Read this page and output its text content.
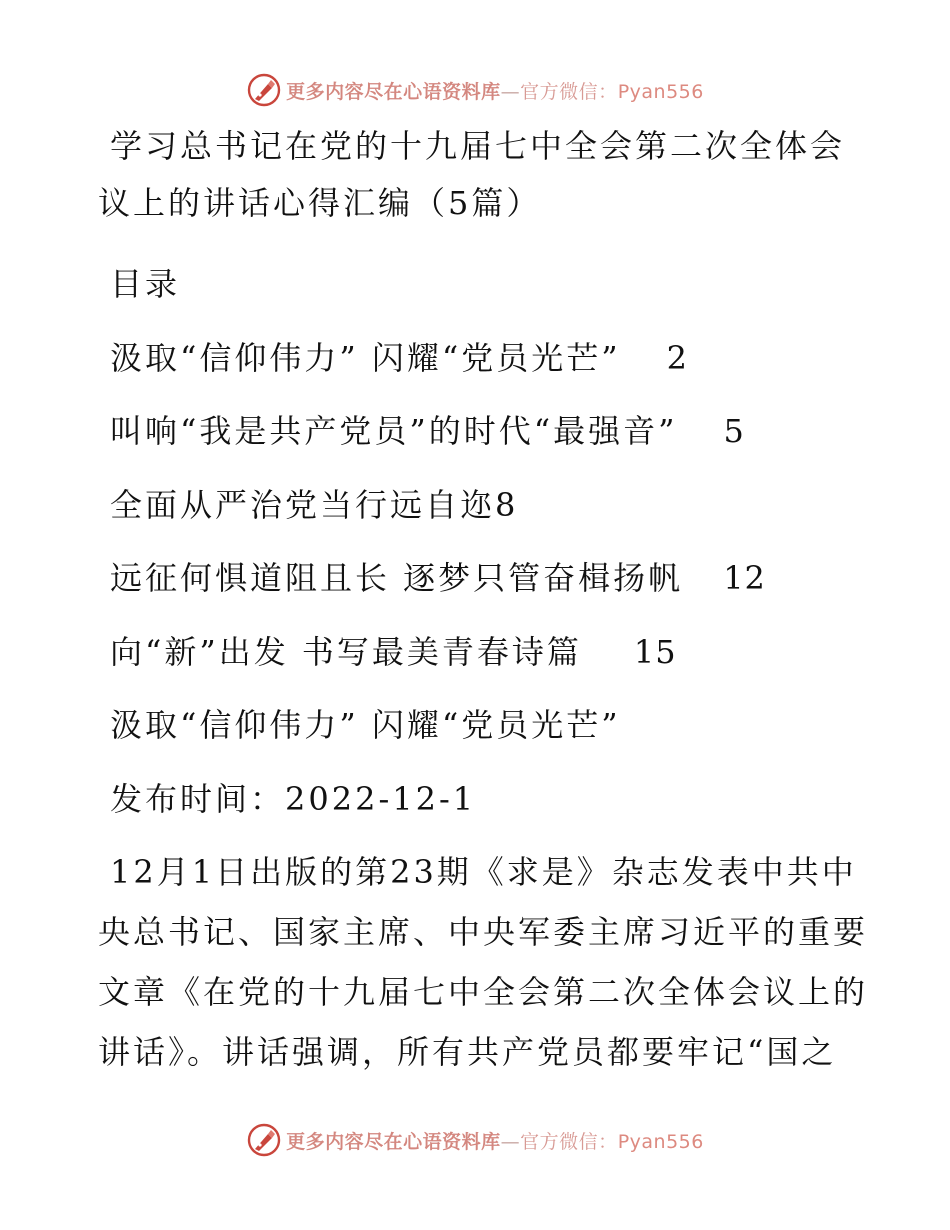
更多内容尽在心语资料库—官方微信：Pyan556
学习总书记在党的十九届七中全会第二次全体会
议上的讲话心得汇编（5篇）
目录
汲取“信仰伟力” 闪耀“党员光芒” 2
叫响“我是共产党员”的时代“最强音” 5
全面从严治党当行远自迩8
远征何惧道阻且长 逐梦只管奋楫扬帆 12
向“新”出发 书写最美青春诗篇 15
汲取“信仰伟力” 闪耀“党员光芒”
发布时间：2022-12-1
12月1日出版的第23期《求是》杂志发表中共中
央总书记、国家主席、中央军委主席习近平的重要
文章《在党的十九届七中全会第二次全体会议上的
讲话》。讲话强调，所有共产党员都要牢记“国之
更多内容尽在心语资料库—官方微信：Pyan556
